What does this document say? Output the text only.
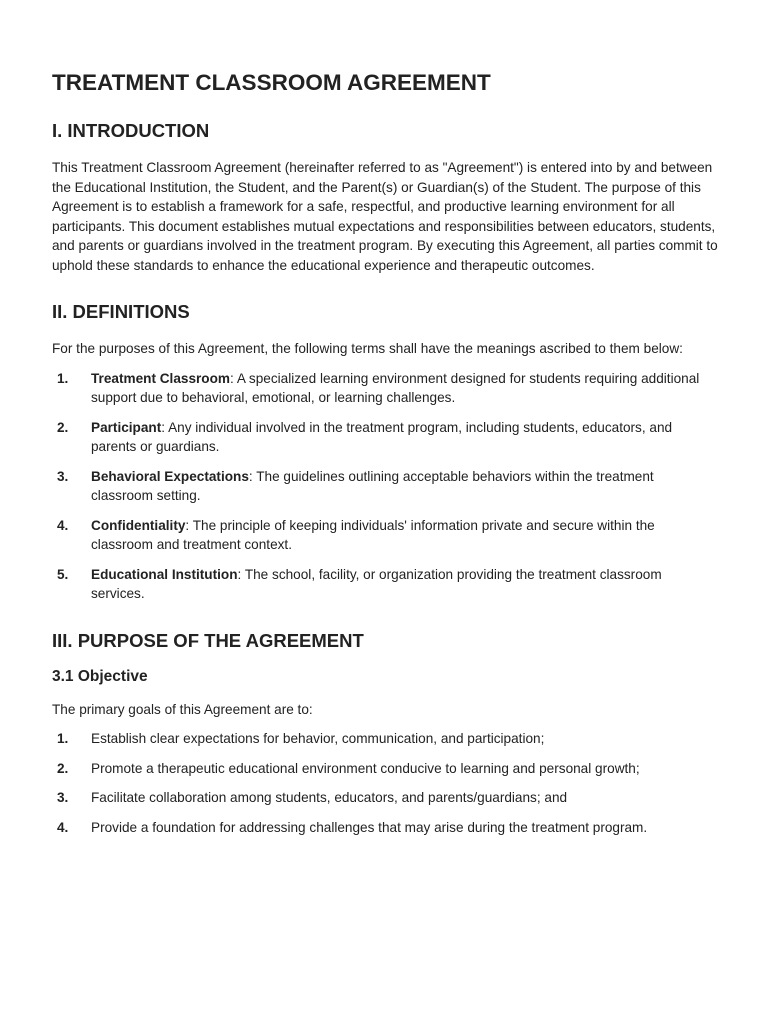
TREATMENT CLASSROOM AGREEMENT
I. INTRODUCTION

This Treatment Classroom Agreement (hereinafter referred to as "Agreement") is entered into by and between the Educational Institution, the Student, and the Parent(s) or Guardian(s) of the Student. The purpose of this Agreement is to establish a framework for a safe, respectful, and productive learning environment for all participants. This document establishes mutual expectations and responsibilities between educators, students, and parents or guardians involved in the treatment program. By executing this Agreement, all parties commit to uphold these standards to enhance the educational experience and therapeutic outcomes.

II. DEFINITIONS

For the purposes of this Agreement, the following terms shall have the meanings ascribed to them below:

1. Treatment Classroom: A specialized learning environment designed for students requiring additional support due to behavioral, emotional, or learning challenges.
2. Participant: Any individual involved in the treatment program, including students, educators, and parents or guardians.
3. Behavioral Expectations: The guidelines outlining acceptable behaviors within the treatment classroom setting.
4. Confidentiality: The principle of keeping individuals' information private and secure within the classroom and treatment context.
5. Educational Institution: The school, facility, or organization providing the treatment classroom services.
III. PURPOSE OF THE AGREEMENT
3.1 Objective

The primary goals of this Agreement are to:

1. Establish clear expectations for behavior, communication, and participation;
2. Promote a therapeutic educational environment conducive to learning and personal growth;
3. Facilitate collaboration among students, educators, and parents/guardians; and
4. Provide a foundation for addressing challenges that may arise during the treatment program.
